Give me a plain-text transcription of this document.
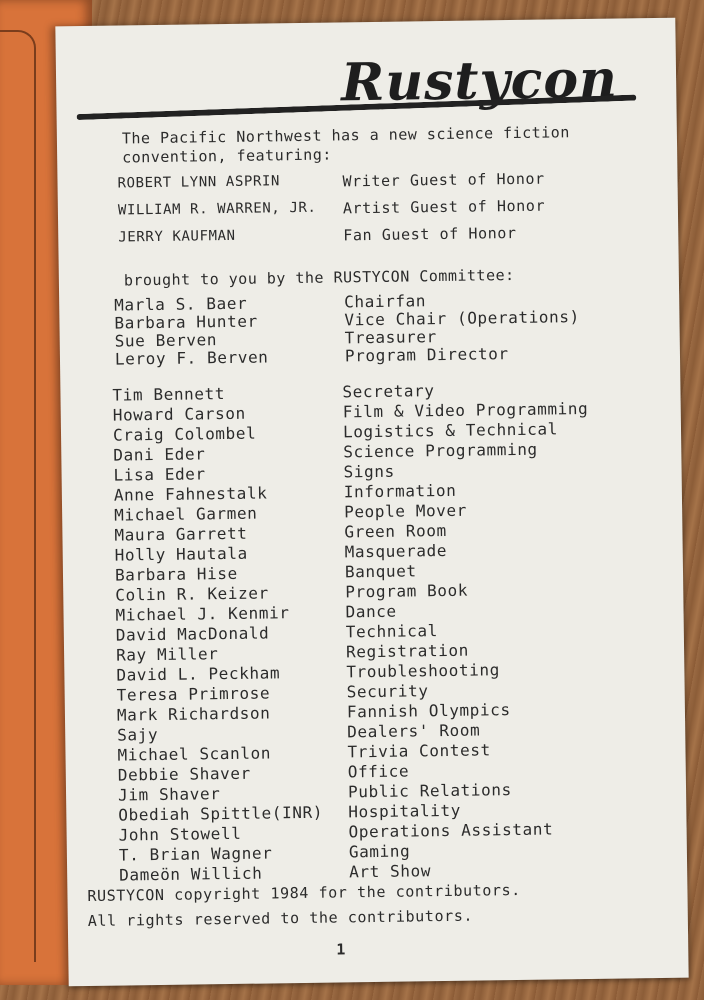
Rustycon
The Pacific Northwest has a new science fiction convention, featuring:
brought to you by the RUSTYCON Committee:
RUSTYCON copyright 1984 for the contributors.
All rights reserved to the contributors.
1
ROBERT LYNN ASPRIN	Writer Guest of Honor
WILLIAM R. WARREN, JR. Artist Guest of Honor
JERRY KAUFMAN	Fan Guest of Honor
Marla S. Baer	Chairfan
Barbara Hunter	Vice Chair (Operations)
Sue Berven	Treasurer
Leroy F. Berven	Program Director
Tim Bennett	Secretary
Howard Carson	Film & Video Programming
Craig Colombel	Logistics & Technical
Dani Eder	Science Programming
Lisa Eder	Signs
Anne Fahnestalk	Information
Michael Garmen	People Mover
Maura Garrett	Green Room
Holly Hautala	Masquerade
Barbara Hise	Banquet
Colin R. Keizer	Program Book
Michael J. Kenmir	Dance
David MacDonald	Technical
Ray Miller	Registration
David L. Peckham	Troubleshooting
Teresa Primrose	Security
Mark Richardson	Fannish Olympics
Sajy	Dealers' Room
Michael Scanlon	Trivia Contest
Debbie Shaver	Office
Jim Shaver	Public Relations
Obediah Spittle(INR) Hospitality
John Stowell	Operations Assistant
T. Brian Wagner	Gaming
Dameön Willich	Art Show
